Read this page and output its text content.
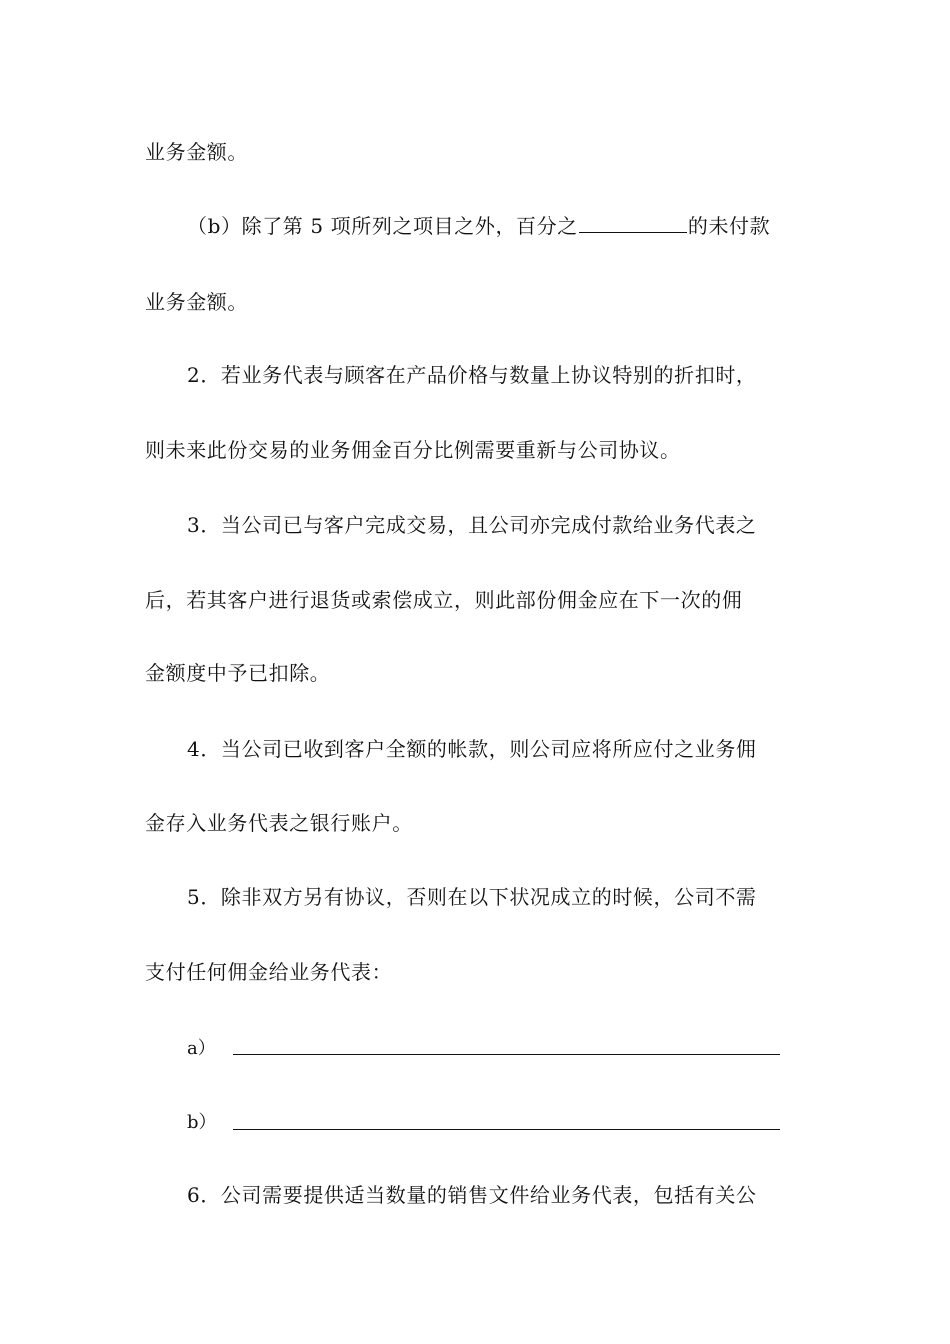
业务金额。
（b）除了第 5 项所列之项目之外，百分之	的未付款
业务金额。
2．若业务代表与顾客在产品价格与数量上协议特别的折扣时，
则未来此份交易的业务佣金百分比例需要重新与公司协议。
3．当公司已与客户完成交易，且公司亦完成付款给业务代表之
后，若其客户进行退货或索偿成立，则此部份佣金应在下一次的佣
金额度中予已扣除。
4．当公司已收到客户全额的帐款，则公司应将所应付之业务佣
金存入业务代表之银行账户。
5．除非双方另有协议，否则在以下状况成立的时候，公司不需
支付任何佣金给业务代表：
a）
b）
6．公司需要提供适当数量的销售文件给业务代表，包括有关公
